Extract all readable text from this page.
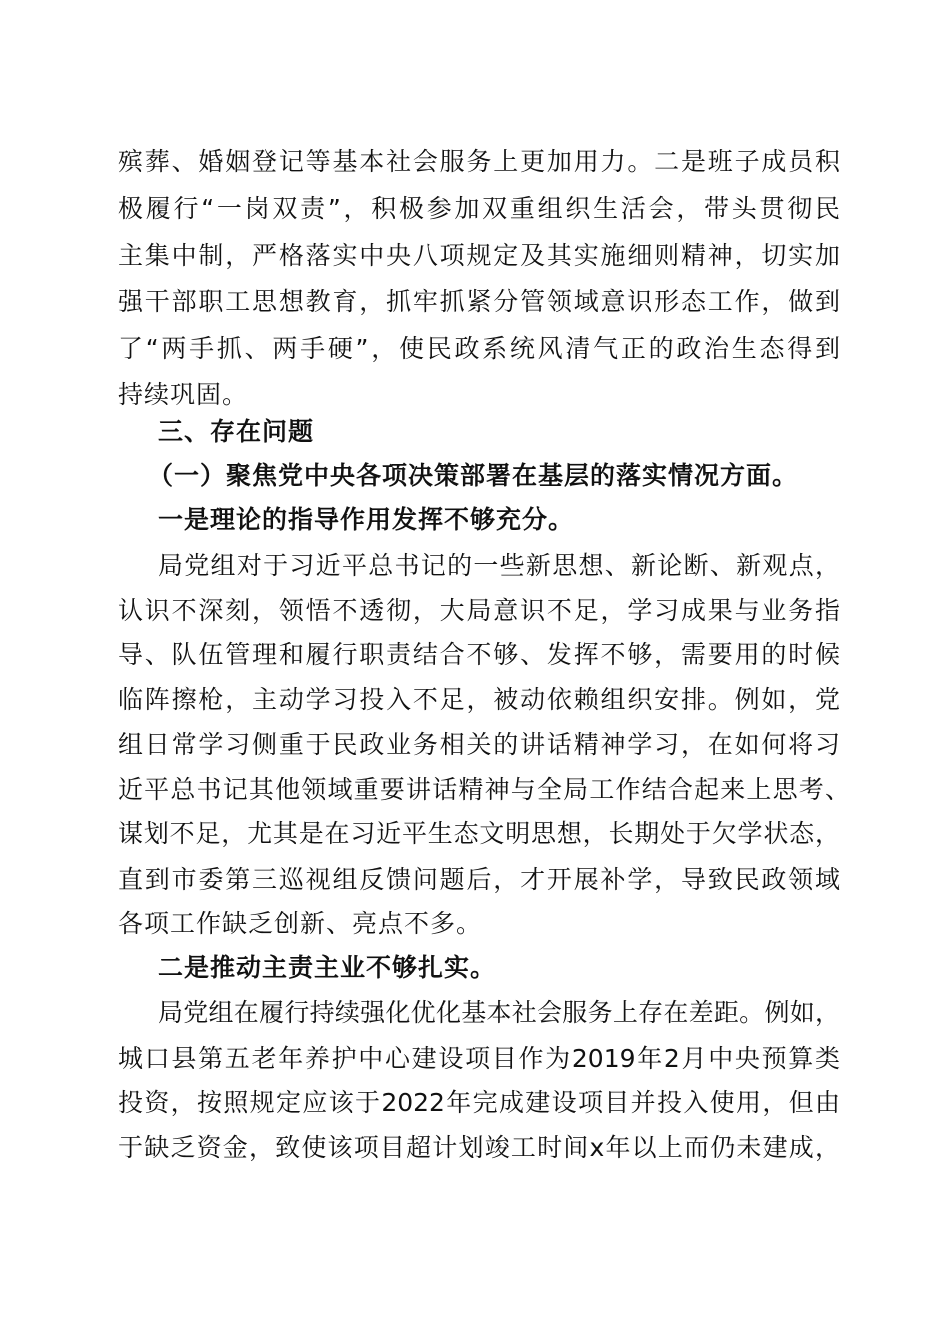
殡葬、婚姻登记等基本社会服务上更加用力。二是班子成员积
极履行“一岗双责”，积极参加双重组织生活会，带头贯彻民
主集中制，严格落实中央八项规定及其实施细则精神，切实加
强干部职工思想教育，抓牢抓紧分管领域意识形态工作，做到
了“两手抓、两手硬”，使民政系统风清气正的政治生态得到
持续巩固。
三、存在问题
（一）聚焦党中央各项决策部署在基层的落实情况方面。
一是理论的指导作用发挥不够充分。
局党组对于习近平总书记的一些新思想、新论断、新观点，
认识不深刻，领悟不透彻，大局意识不足，学习成果与业务指
导、队伍管理和履行职责结合不够、发挥不够，需要用的时候
临阵擦枪，主动学习投入不足，被动依赖组织安排。例如，党
组日常学习侧重于民政业务相关的讲话精神学习，在如何将习
近平总书记其他领域重要讲话精神与全局工作结合起来上思考、
谋划不足，尤其是在习近平生态文明思想，长期处于欠学状态，
直到市委第三巡视组反馈问题后，才开展补学，导致民政领域
各项工作缺乏创新、亮点不多。
二是推动主责主业不够扎实。
局党组在履行持续强化优化基本社会服务上存在差距。例如，
城口县第五老年养护中心建设项目作为2019年2月中央预算类
投资，按照规定应该于2022年完成建设项目并投入使用，但由
于缺乏资金，致使该项目超计划竣工时间x年以上而仍未建成，
